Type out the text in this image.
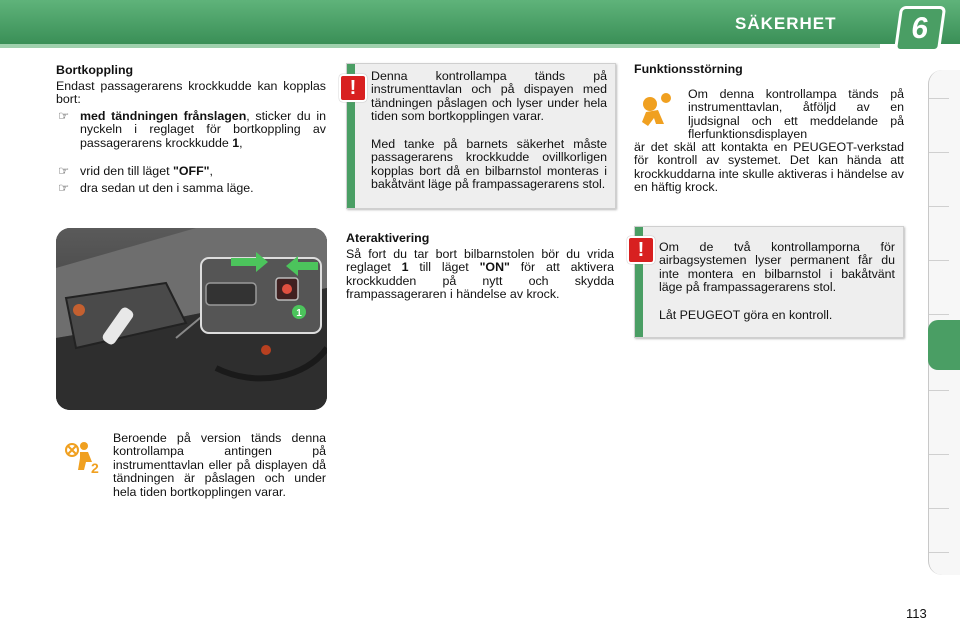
SÄKERHET	6
Bortkoppling
Endast passagerarens krockkudde kan kopplas bort:
☞ med tändningen frånslagen, sticker du in nyckeln i reglaget för bortkoppling av passagerarens krockkudde 1,
☞ vrid den till läget "OFF",
☞ dra sedan ut den i samma läge.
1
2
Beroende på version tänds denna kontrollampa antingen på instrumenttavlan eller på displayen då tändningen är påslagen och under hela tiden bortkopplingen varar.
Denna kontrollampa tänds på instrumenttavlan och på dispayen med tändningen påslagen och lyser under hela tiden som bortkopplingen varar.
Med tanke på barnets säkerhet måste passagerarens krockkudde ovillkorligen kopplas bort då en bilbarnstol monteras i bakåtvänt läge på frampassagerarens stol.
!
Ateraktivering
Så fort du tar bort bilbarnstolen bör du vrida reglaget 1 till läget "ON" för att aktivera krockkudden på nytt och skydda frampassageraren i händelse av krock.
Funktionsstörning
Om denna kontrollampa tänds på instrumenttavlan, åtföljd av en ljudsignal och ett meddelande på flerfunktionsdisplayen
är det skäl att kontakta en PEUGEOT-verkstad för kontroll av systemet. Det kan hända att krockkuddarna inte skulle aktiveras i händelse av en häftig krock.
Om de två kontrollamporna för airbagsystemen lyser permanent får du inte montera en bilbarnstol i bakåtvänt läge på frampassagerarens stol.
Låt PEUGEOT göra en kontroll.
!
113
